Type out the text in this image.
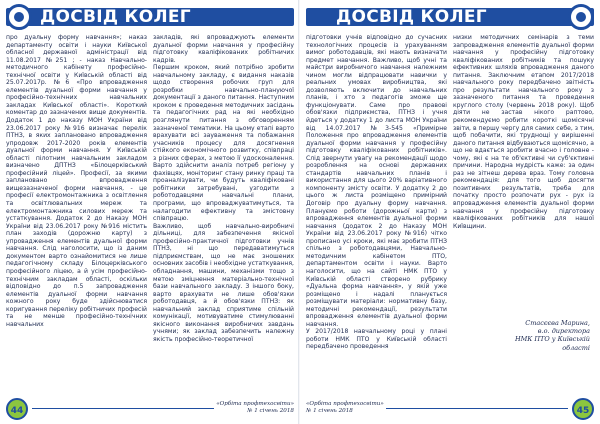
ДОСВІД КОЛЕГ
про дуальну форму навчання»; наказ департаменту освіти і науки Київської обласної державної адміністрації від 11.08.2017 №251 ; - наказ Навчально-методичного кабінету професійно-технічної освіти у Київській області від 25.07.2017р. №6 «Про впровадження елементів дуальної форми навчання у професійно-технічних навчальних закладах Київської області». Короткий коментар до зазначених вище документів. Додаток 1 до наказу МОН України від 23.06.2017 року №916 визначає перелік ПТНЗ, в яких заплановано впровадження упродовж 2017-2020 років елементів дуальної форми навчання. У Київській області пілотним навчальним закладом визначено ДПТНЗ «Білоцерківський професійний ліцей». Професії, за якими заплановано впровадження вищезазначеної форми навчання, - це професії електромонтажника з освітлення та освітлювальних мереж та електромонтажника силових мереж та устаткування. Додаток 2 до Наказу МОН України від 23.06.2017 року №916 містить план заходів (дорожню карту) з упровадження елементів дуальної форми навчання. Слід наголосити, що із даним документом варто ознайомитися не лише педагогічному складу Білоцерківського професійного ліцею, а й усім професійно-технічним закладам області, оскільки відповідно до п.5 запровадження елементів дуальної форми навчання кожного року буде здійснюватися коригування переліку робітничих професій та не менше професійно-технічних навчальних
закладів, які впроваджують елементи дуальної форми навчання у професійну підготовку кваліфікованих робітничих кадрів.
Першим кроком, який потрібно зробити навчальному закладу, є видання наказів щодо створення робочих груп для розробки навчально-плануючої документації з даного питання. Наступним кроком є проведення методичних засідань та педагогічних рад на які необхідно розглянути питання з обговоренням зазначеної тематики. На цьому етапі варто врахувати всі зауваження та побажання учасників процесу для досягнення стійкого економічного розвитку, співпраці з різних сферах, з метою її удосконалення. Варто здійснити аналіз потреб регіону у фахівцях, моніторинг стану ринку праці та проаналізувати, чи будуть кваліфіковані робітники затребувані, узгодити з роботодавцями навчальні плани, програми, що впроваджуватимуться, та налагодити ефективну та змістовну співпрацю.
Важливо, щоб навчально-виробничі дільниці, для забезпечення якісної професійно-практичної підготовки учнів ПТНЗ, ні що передаватимуться підприємствам, що не має зношених основних засобів і необхідне устаткування, обладнання, машини, механізми тощо з метою зміцнення матеріально-технічної бази навчального закладу. З іншого боку, варто врахувати не лише обов'язки роботодавця, а й обов'язки ПТНЗ: як навчальний заклад сприятиме спільній комунікації, мотивуватиме стимулюванні якісного виконання виробничих завдань учнями; як заклад забезпечить належну якість професійно-теоретичної
44
«Орбіта профтехосвіти»
№ 1 січень 2018
ДОСВІД КОЛЕГ
підготовки учнів відповідно до сучасних технологічних процесів із урахуванням вимог роботодавців, які мають визначати предмет навчання. Важливо, щоб учні та майстри виробничого навчання належним чином могли відпрацювати навички у реальних умовах виробництва, які дозволяють включити до навчальних планів, і хто з педагогів зможе ще функціонувати. Саме про правові обов'язки підприємства, ПТНЗ і учня йдеться у додатку 1 до листа МОН України від 14.07.2017 №3-545 «Примірне Положення про впровадження елементів дуальної форми навчання у професійну підготовку кваліфікованих робітників». Слід звернути увагу на рекомендації щодо розроблення на основі державних стандартів навчальних планів і використання для цього 20% варіативного компоненту змісту освіти. У додатку 2 до цього ж листа розміщено примірний Договір про дуальну форму навчання. Плануємо роботи (дорожньої карти) з впровадження елементів дуальної форми навчання (додаток 2 до Наказу МОН України від 23.06.2017 року №916) чітко прописано усі кроки, які має зробити ПТНЗ спільно з роботодавцями, Навчально-методичним кабінетом ПТО, департаментом освіти і науки. Варто наголосити, що на сайті НМК ПТО у Київській області створено рубрику «Дуальна форма навчання», у якій уже розміщено і надалі планується розміщувати матеріали: нормативну базу, методичні рекомендації, результати впровадження елементів дуальної форми навчання.
У 2017/2018 навчальному році у плані роботи НМК ПТО у Київській області передбачено проведення
низки методичних семінарів з теми запровадження елементів дуальної форми навчання у професійну підготовку кваліфікованих робітників та пошуку ефективних шляхів впровадження даного питання. Заключним етапом 2017/2018 навчального року передбачено звітність про результати навчального року з зазначеного питання та проведення круглого столу (червень 2018 року). Щоб діяти не застав нікого раптово, рекомендуємо робити короткі щомісячні звіти, в першу чергу для самих себе, з тим, щоб побачити, які труднощі у вирішенні даного питання відбуваються щомісячно, а що не вдається зробити вчасно і головне - чому, які є на те об'єктивні чи суб'єктивні причини. Народна мудрість каже: за один раз не зітнеш дерева враз. Тому головна рекомендація: для того щоб досягти позитивних результатів, треба для початку просто розпочати рух - рух із впровадження елементів дуальної форми навчання у професійну підготовку кваліфікованих робітників для нашої Київщини.
Стасєєва Марина,
в.о. директора
НМК ПТО у Київській
області
«Орбіта профтехосвіти»
№ 1 січень 2018	45
